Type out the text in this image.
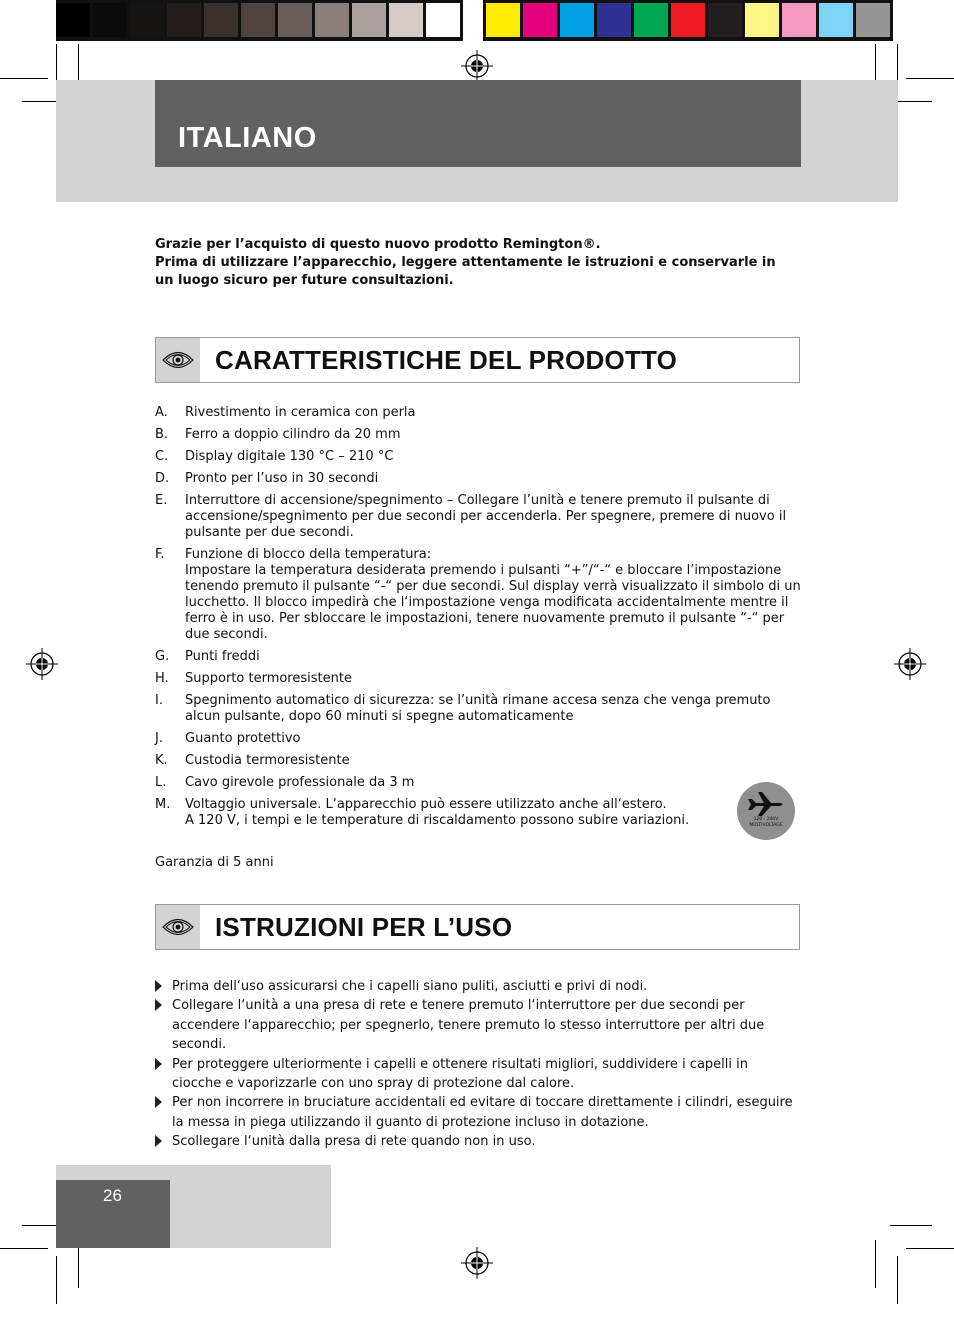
ITALIANO

Grazie per l’acquisto di questo nuovo prodotto Remington®.

Prima di utilizzare l’apparecchio, leggere attentamente le istruzioni e conservarle in un luogo sicuro per future consultazioni.

CARATTERISTICHE DEL PRODOTTO
A.	Rivestimento in ceramica con perla
B.	Ferro a doppio cilindro da 20 mm
C.	Display digitale 130 °C – 210 °C
D.	Pronto per l’uso in 30 secondi
E.	Interruttore di accensione/spegnimento – Collegare l’unità e tenere premuto il pulsante di accensione/spegnimento per due secondi per accenderla. Per spegnere, premere di nuovo il pulsante per due secondi.
F.	Funzione di blocco della temperatura:
Impostare la temperatura desiderata premendo i pulsanti “+”/“-“ e bloccare l’impostazione tenendo premuto il pulsante “-“ per due secondi. Sul display verrà visualizzato il simbolo di un lucchetto. Il blocco impedirà che l‘impostazione venga modificata accidentalmente mentre il ferro è in uso. Per sbloccare le impostazioni, tenere nuovamente premuto il pulsante “-“ per due secondi.
G.	Punti freddi
H.	Supporto termoresistente
I.	Spegnimento automatico di sicurezza: se l’unità rimane accesa senza che venga premuto alcun pulsante, dopo 60 minuti si spegne automaticamente
J.	Guanto protettivo
K.	Custodia termoresistente
L.	Cavo girevole professionale da 3 m
M.	Voltaggio universale. L‘apparecchio può essere utilizzato anche all‘estero.
A 120 V, i tempi e le temperature di riscaldamento possono subire variazioni.	120 - 240V
MULTIVOLTAGE
Garanzia di 5 anni
ISTRUZIONI PER L’USO
Prima dell‘uso assicurarsi che i capelli siano puliti, asciutti e privi di nodi.
Collegare l‘unità a una presa di rete e tenere premuto l‘interruttore per due secondi per accendere l‘apparecchio; per spegnerlo, tenere premuto lo stesso interruttore per altri due secondi.
Per proteggere ulteriormente i capelli e ottenere risultati migliori, suddividere i capelli in ciocche e vaporizzarle con uno spray di protezione dal calore.
Per non incorrere in bruciature accidentali ed evitare di toccare direttamente i cilindri, eseguire la messa in piega utilizzando il guanto di protezione incluso in dotazione.
Scollegare l‘unità dalla presa di rete quando non in uso.
26
